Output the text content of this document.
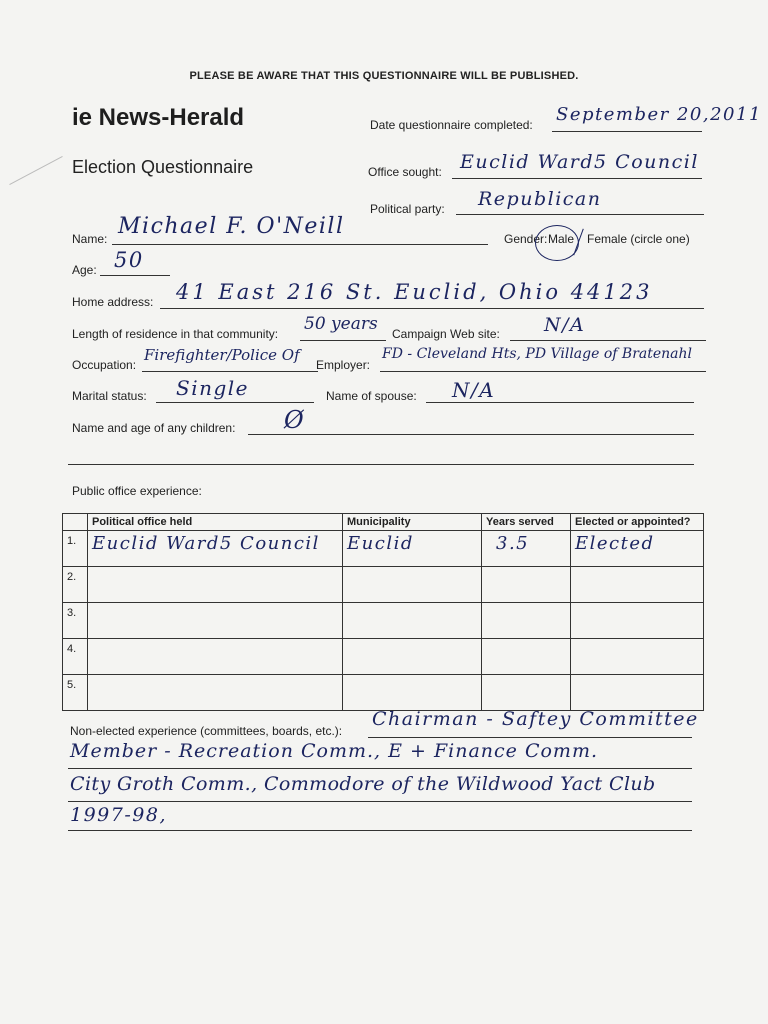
PLEASE BE AWARE THAT THIS QUESTIONNAIRE WILL BE PUBLISHED.
ie News-Herald
Election Questionnaire
Date questionnaire completed: September 20,2011
Office sought: Euclid Ward5 Council
Political party: Republican
Name: Michael F. O'Neill	Gender: Male Female (circle one)
Age: 50
Home address: 41 East 216 St. Euclid, Ohio 44123
Length of residence in that community: 50 years Campaign Web site: N/A
Occupation:
Firefighter/Police Of
Employer:
FD - Cleveland Hts, PD Village of Bratenahl
Marital status: Single	Name of spouse: N/A
Name and age of any children: Ø
Public office experience:
	Political office held	Municipality	Years served	Elected or appointed?
1.	Euclid Ward5 Council	Euclid	3.5	Elected
2.				
3.				
4.				
5.				
Non-elected experience (committees, boards, etc.):
Chairman - Saftey Committee
Member - Recreation Comm., E + Finance Comm.
City Groth Comm., Commodore of the Wildwood Yact Club
1997-98,
